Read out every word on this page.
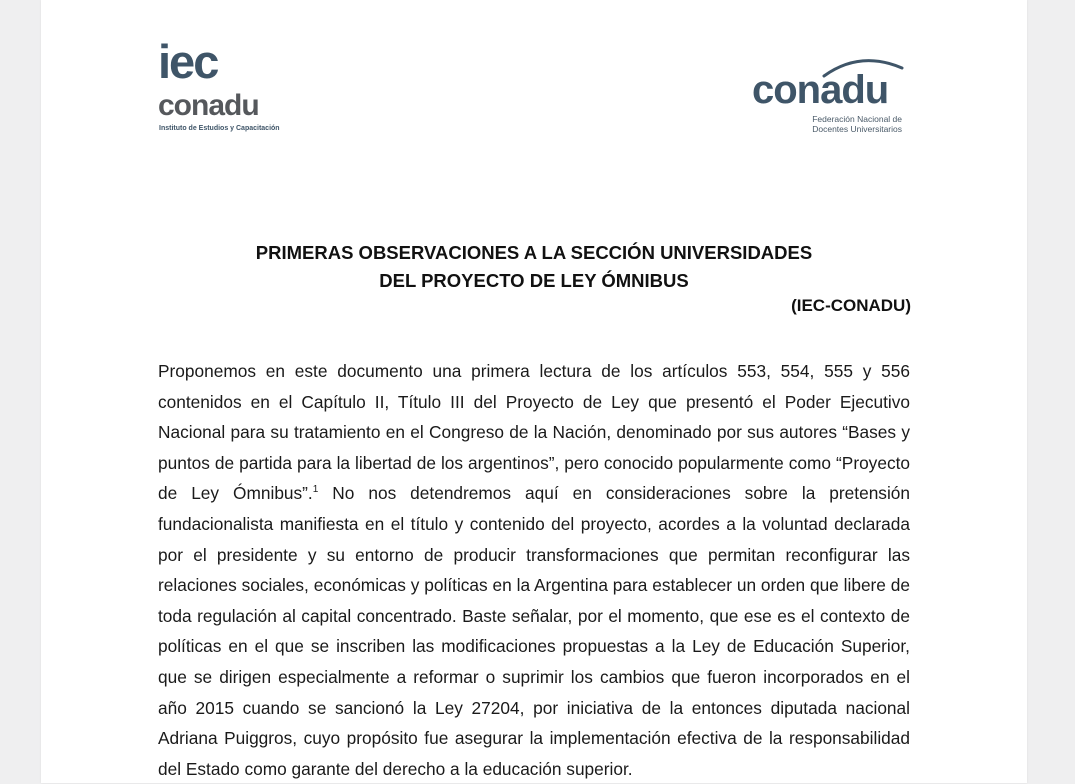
iec
conadu
Instituto de Estudios y Capacitación
conadu
Federación Nacional de
Docentes Universitarios
PRIMERAS OBSERVACIONES A LA SECCIÓN UNIVERSIDADES
DEL PROYECTO DE LEY ÓMNIBUS
(IEC-CONADU)

Proponemos en este documento una primera lectura de los artículos 553, 554, 555 y 556 contenidos en el Capítulo II, Título III del Proyecto de Ley que presentó el Poder Ejecutivo Nacional para su tratamiento en el Congreso de la Nación, denominado por sus autores “Bases y puntos de partida para la libertad de los argentinos”, pero conocido popularmente como “Proyecto de Ley Ómnibus”.$^1$ No nos detendremos aquí en consideraciones sobre la pretensión fundacionalista manifiesta en el título y contenido del proyecto, acordes a la voluntad declarada por el presidente y su entorno de producir transformaciones que permitan reconfigurar las relaciones sociales, económicas y políticas en la Argentina para establecer un orden que libere de toda regulación al capital concentrado. Baste señalar, por el momento, que ese es el contexto de políticas en el que se inscriben las modificaciones propuestas a la Ley de Educación Superior, que se dirigen especialmente a reformar o suprimir los cambios que fueron incorporados en el año 2015 cuando se sancionó la Ley 27204, por iniciativa de la entonces diputada nacional Adriana Puiggros, cuyo propósito fue asegurar la implementación efectiva de la responsabilidad del Estado como garante del derecho a la educación superior.
